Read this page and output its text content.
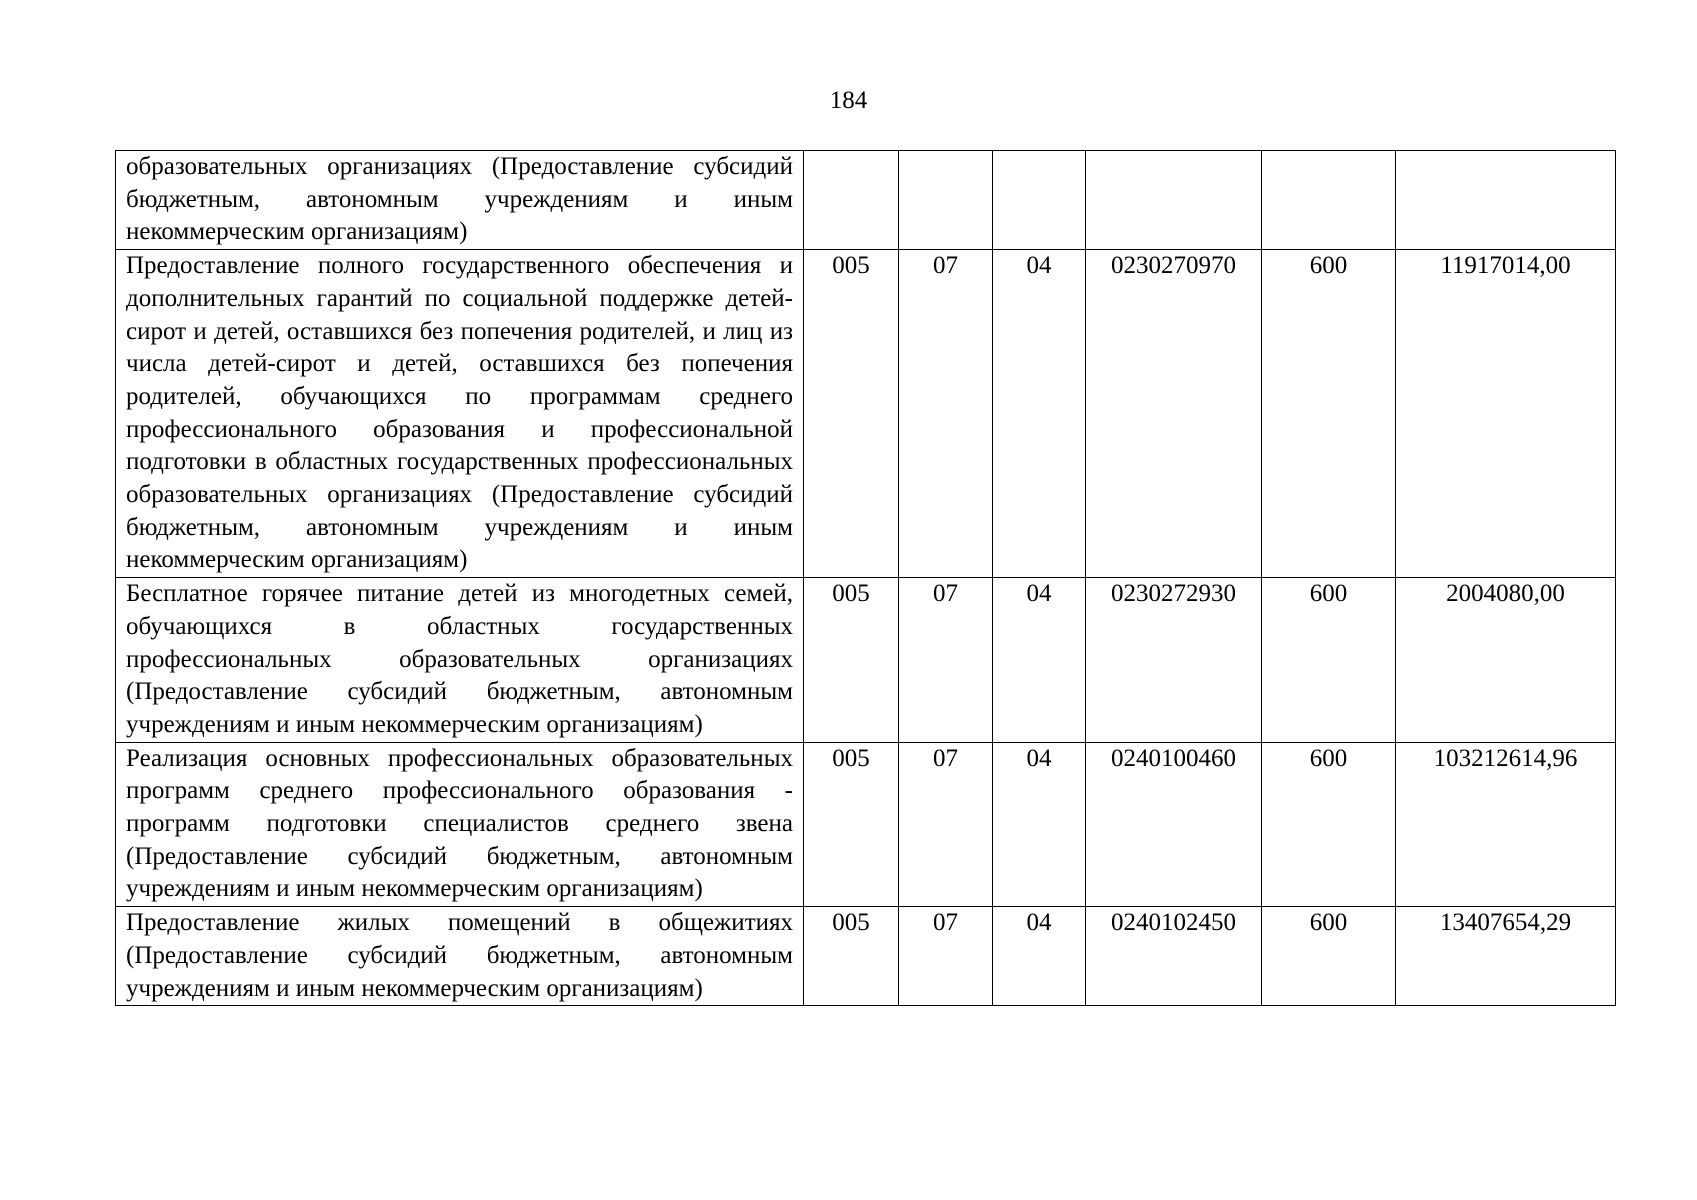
184
образовательных организациях (Предоставление субсидий бюджетным, автономным учреждениям и иным некоммерческим организациям)						
Предоставление полного государственного обеспечения и дополнительных гарантий по социальной поддержке детей-сирот и детей, оставшихся без попечения родителей, и лиц из числа детей-сирот и детей, оставшихся без попечения родителей, обучающихся по программам среднего профессионального образования и профессиональной подготовки в областных государственных профессиональных образовательных организациях (Предоставление субсидий бюджетным, автономным учреждениям и иным некоммерческим организациям)	005	07	04	0230270970	600	11917014,00
Бесплатное горячее питание детей из многодетных семей, обучающихся в областных государственных профессиональных образовательных организациях (Предоставление субсидий бюджетным, автономным учреждениям и иным некоммерческим организациям)	005	07	04	0230272930	600	2004080,00
Реализация основных профессиональных образовательных программ среднего профессионального образования - программ подготовки специалистов среднего звена (Предоставление субсидий бюджетным, автономным учреждениям и иным некоммерческим организациям)	005	07	04	0240100460	600	103212614,96
Предоставление жилых помещений в общежитиях (Предоставление субсидий бюджетным, автономным учреждениям и иным некоммерческим организациям)	005	07	04	0240102450	600	13407654,29
